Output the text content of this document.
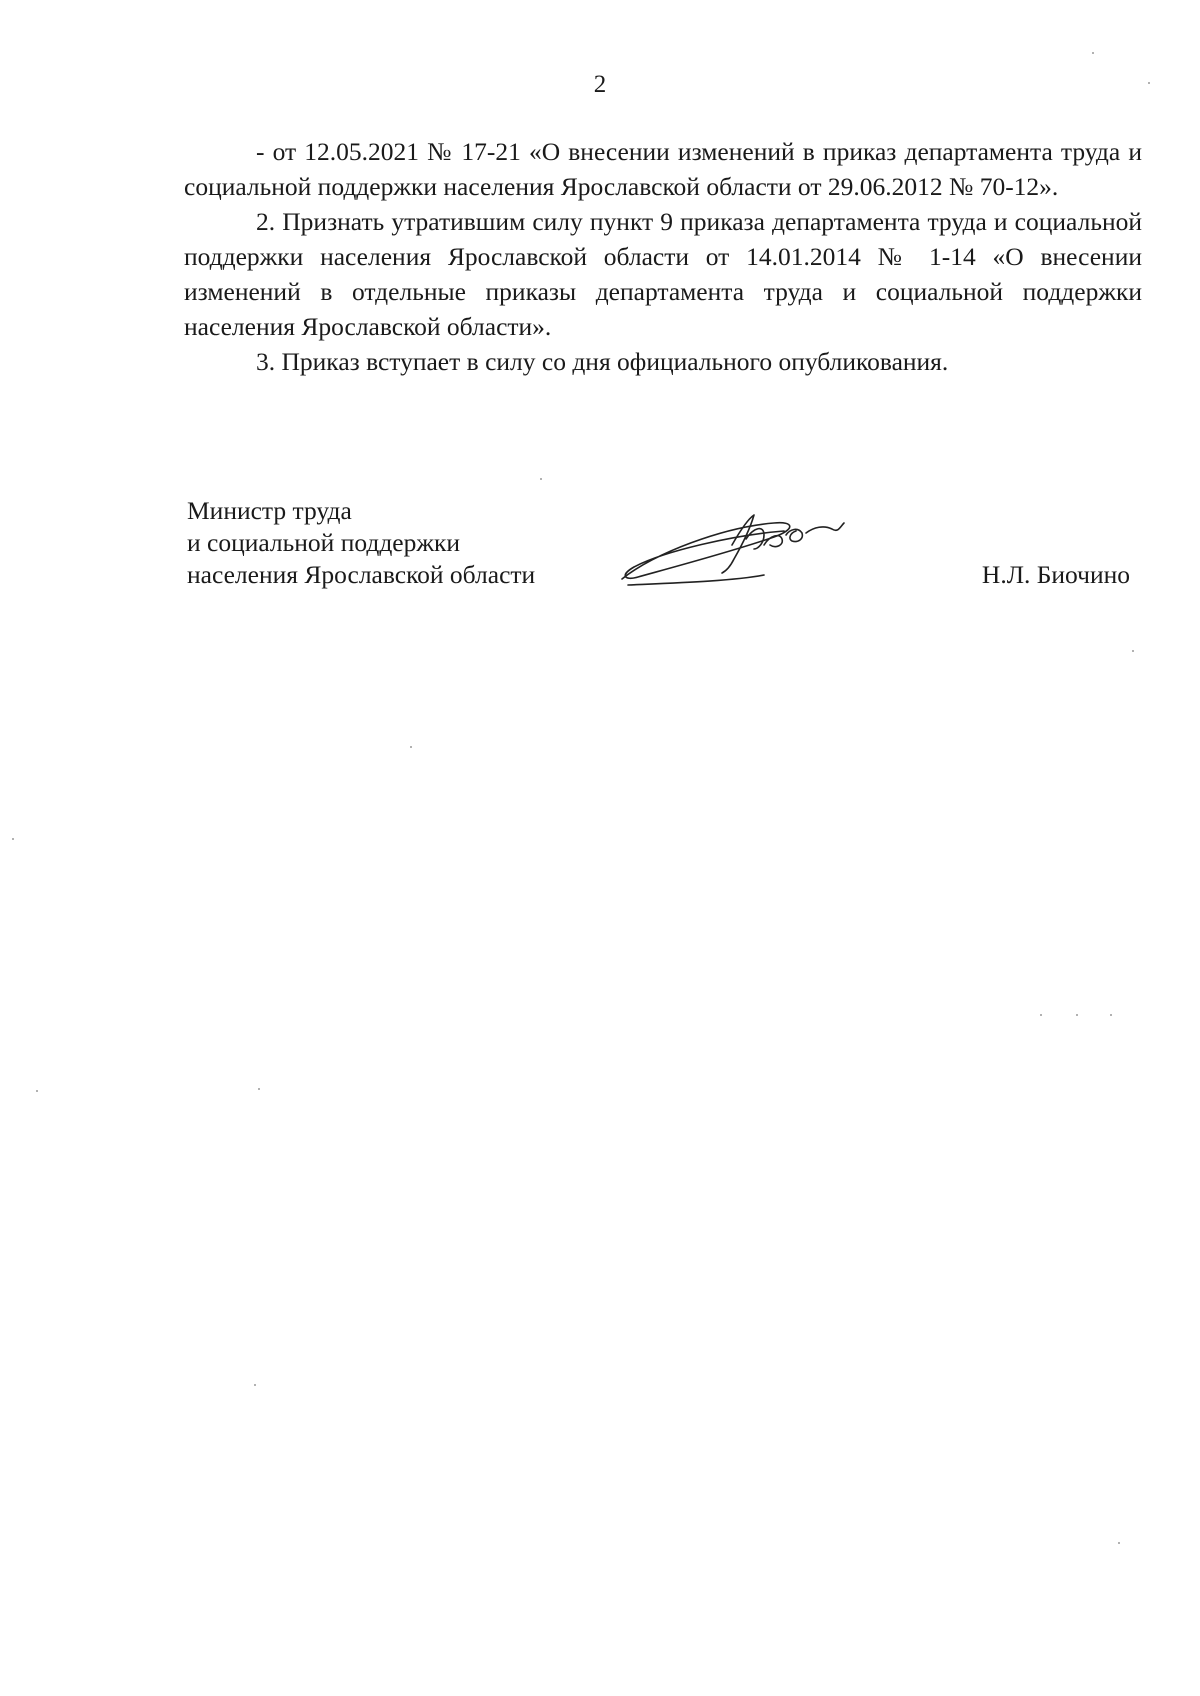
2

- от 12.05.2021 № 17-21 «О внесении изменений в приказ департамента труда и социальной поддержки населения Ярославской области от 29.06.2012 № 70-12».

2. Признать утратившим силу пункт 9 приказа департамента труда и социальной поддержки населения Ярославской области от 14.01.2014 № 1-14 «О внесении изменений в отдельные приказы департамента труда и социальной поддержки населения Ярославской области».

3. Приказ вступает в силу со дня официального опубликования.

Министр труда
и социальной поддержки
населения Ярославской области	Н.Л. Биочино
